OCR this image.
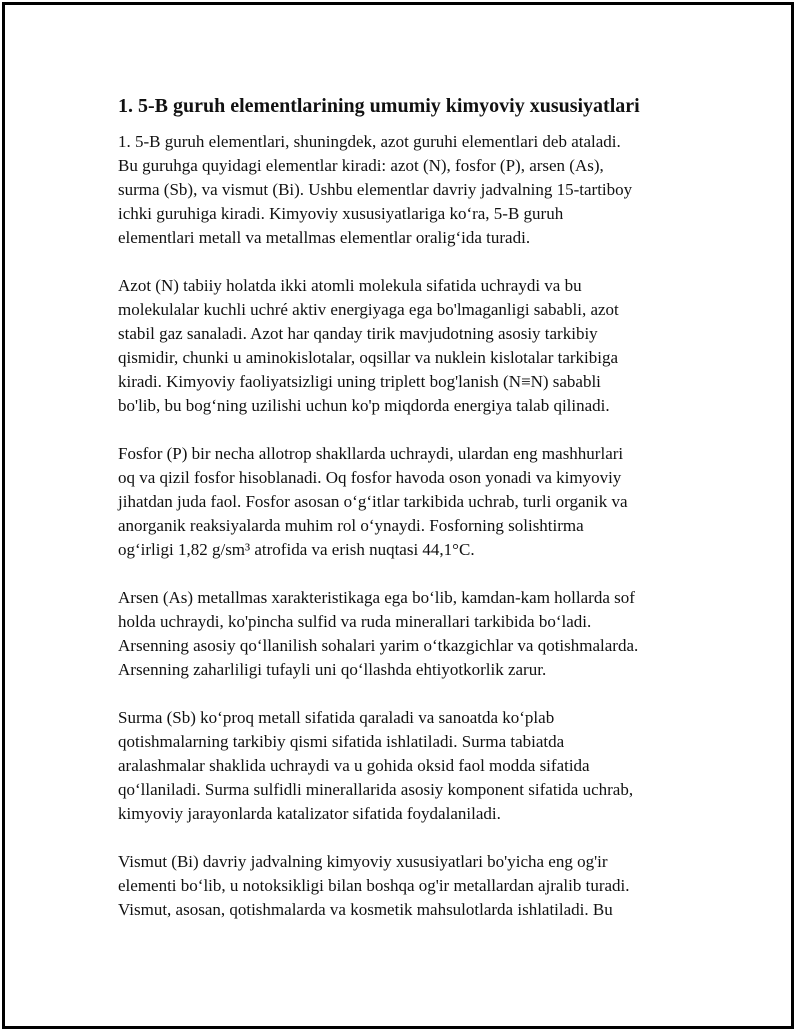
1. 5-B guruh elementlarining umumiy kimyoviy xususiyatlari
1. 5-B guruh elementlari, shuningdek, azot guruhi elementlari deb ataladi.
Bu guruhga quyidagi elementlar kiradi: azot (N), fosfor (P), arsen (As),
surma (Sb), va vismut (Bi). Ushbu elementlar davriy jadvalning 15-tartiboy
ichki guruhiga kiradi. Kimyoviy xususiyatlariga ko‘ra, 5-B guruh
elementlari metall va metallmas elementlar oralig‘ida turadi.
Azot (N) tabiiy holatda ikki atomli molekula sifatida uchraydi va bu
molekulalar kuchli uchré aktiv energiyaga ega bo'lmaganligi sababli, azot
stabil gaz sanaladi. Azot har qanday tirik mavjudotning asosiy tarkibiy
qismidir, chunki u aminokislotalar, oqsillar va nuklein kislotalar tarkibiga
kiradi. Kimyoviy faoliyatsizligi uning triplett bog'lanish (N≡N) sababli
bo'lib, bu bog‘ning uzilishi uchun ko'p miqdorda energiya talab qilinadi.
Fosfor (P) bir necha allotrop shakllarda uchraydi, ulardan eng mashhurlari
oq va qizil fosfor hisoblanadi. Oq fosfor havoda oson yonadi va kimyoviy
jihatdan juda faol. Fosfor asosan o‘g‘itlar tarkibida uchrab, turli organik va
anorganik reaksiyalarda muhim rol o‘ynaydi. Fosforning solishtirma
og‘irligi 1,82 g/sm³ atrofida va erish nuqtasi 44,1°C.
Arsen (As) metallmas xarakteristikaga ega bo‘lib, kamdan-kam hollarda sof
holda uchraydi, ko'pincha sulfid va ruda minerallari tarkibida bo‘ladi.
Arsenning asosiy qo‘llanilish sohalari yarim o‘tkazgichlar va qotishmalarda.
Arsenning zaharliligi tufayli uni qo‘llashda ehtiyotkorlik zarur.
Surma (Sb) ko‘proq metall sifatida qaraladi va sanoatda ko‘plab
qotishmalarning tarkibiy qismi sifatida ishlatiladi. Surma tabiatda
aralashmalar shaklida uchraydi va u gohida oksid faol modda sifatida
qo‘llaniladi. Surma sulfidli minerallarida asosiy komponent sifatida uchrab,
kimyoviy jarayonlarda katalizator sifatida foydalaniladi.
Vismut (Bi) davriy jadvalning kimyoviy xususiyatlari bo'yicha eng og'ir
elementi bo‘lib, u notoksikligi bilan boshqa og'ir metallardan ajralib turadi.
Vismut, asosan, qotishmalarda va kosmetik mahsulotlarda ishlatiladi. Bu
